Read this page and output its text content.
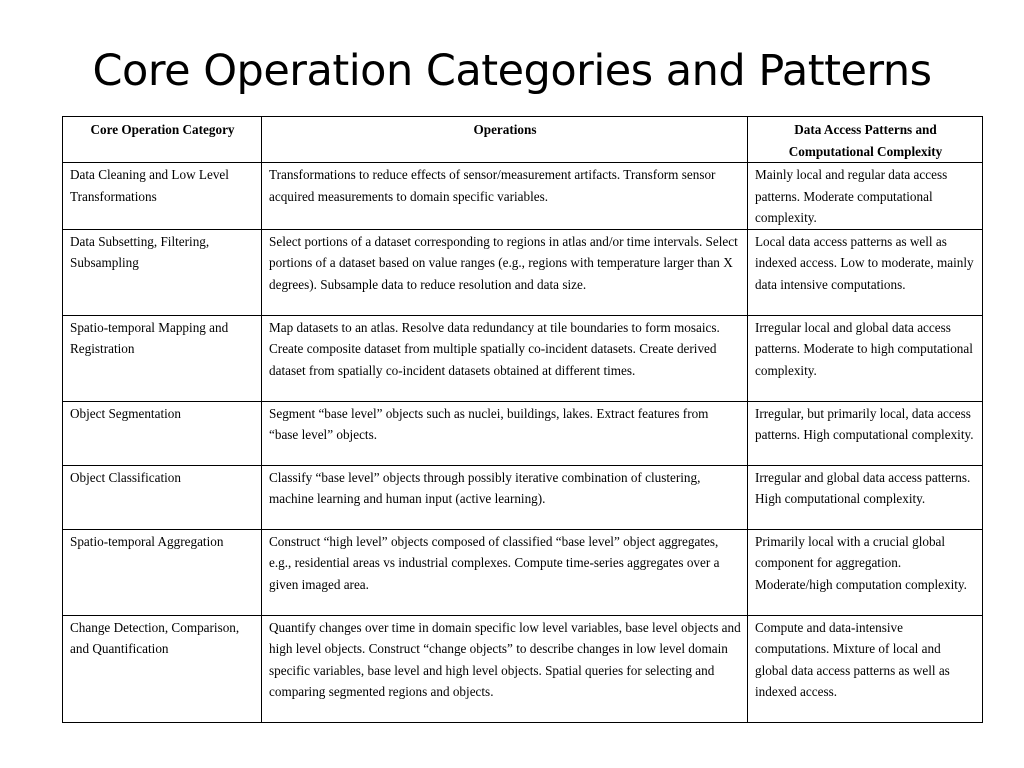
Core Operation Categories and Patterns
Core Operation Category	Operations	Data Access Patterns and Computational Complexity
Data Cleaning and Low Level Transformations	Transformations to reduce effects of sensor/measurement artifacts. Transform sensor acquired measurements to domain specific variables.	Mainly local and regular data access patterns. Moderate computational complexity.
Data Subsetting, Filtering, Subsampling	Select portions of a dataset corresponding to regions in atlas and/or time intervals. Select portions of a dataset based on value ranges (e.g., regions with temperature larger than X degrees). Subsample data to reduce resolution and data size.	Local data access patterns as well as indexed access. Low to moderate, mainly data intensive computations.
Spatio-temporal Mapping and Registration	Map datasets to an atlas. Resolve data redundancy at tile boundaries to form mosaics. Create composite dataset from multiple spatially co-incident datasets. Create derived dataset from spatially co-incident datasets obtained at different times.	Irregular local and global data access patterns. Moderate to high computational complexity.
Object Segmentation	Segment “base level” objects such as nuclei, buildings, lakes. Extract features from “base level” objects.	Irregular, but primarily local, data access patterns. High computational complexity.
Object Classification	Classify “base level” objects through possibly iterative combination of clustering, machine learning and human input (active learning).	Irregular and global data access patterns. High computational complexity.
Spatio-temporal Aggregation	Construct “high level” objects composed of classified “base level” object aggregates, e.g., residential areas vs industrial complexes. Compute time-series aggregates over a given imaged area.	Primarily local with a crucial global component for aggregation. Moderate/high computation complexity.
Change Detection, Comparison, and Quantification	Quantify changes over time in domain specific low level variables, base level objects and high level objects. Construct “change objects” to describe changes in low level domain specific variables, base level and high level objects. Spatial queries for selecting and comparing segmented regions and objects.	Compute and data-intensive computations. Mixture of local and global data access patterns as well as indexed access.
